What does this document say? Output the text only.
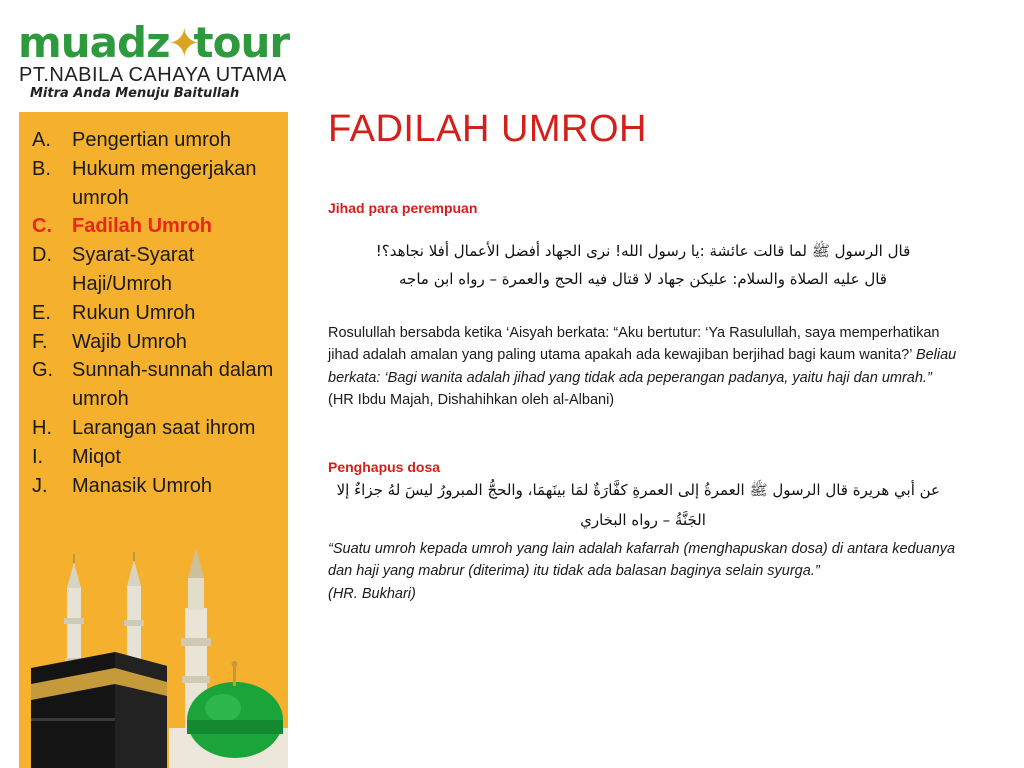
muadz✦tour
PT.NABILA CAHAYA UTAMA
Mitra Anda Menuju Baitullah
A. Pengertian umroh
B. Hukum mengerjakan umroh
C. Fadilah Umroh
D. Syarat-Syarat Haji/Umroh
E. Rukun Umroh
F. Wajib Umroh
G. Sunnah-sunnah dalam umroh
H. Larangan saat ihrom
I. Miqot
J. Manasik Umroh
FADILAH UMROH
Jihad para perempuan
قال الرسول ﷺ لما قالت عائشة :يا رسول الله! نرى الجهاد أفضل الأعمال أفلا نجاهد؟!
قال عليه الصلاة والسلام: عليكن جهاد لا قتال فيه الحج والعمرة – رواه ابن ماجه
Rosulullah bersabda ketika ‘Aisyah berkata: “Aku bertutur: ‘Ya Rasulullah, saya memperhatikan jihad adalah amalan yang paling utama apakah ada kewajiban berjihad bagi kaum wanita?’ Beliau berkata: ‘Bagi wanita adalah jihad yang tidak ada peperangan padanya, yaitu haji dan umrah.”
(HR Ibdu Majah, Dishahihkan oleh al-Albani)
Penghapus dosa
عن أبي هريرة قال الرسول ﷺ العمرةُ إلى العمرةِ كفَّارَةٌ لمَا بينَهمَا، والحجُّ المبرورُ ليسَ لهُ جزاءٌ إلا
الجَنَّةُ – رواه البخاري
“Suatu umroh kepada umroh yang lain adalah kafarrah (menghapuskan dosa) di antara keduanya dan haji yang mabrur (diterima) itu tidak ada balasan baginya selain syurga.”
(HR. Bukhari)
